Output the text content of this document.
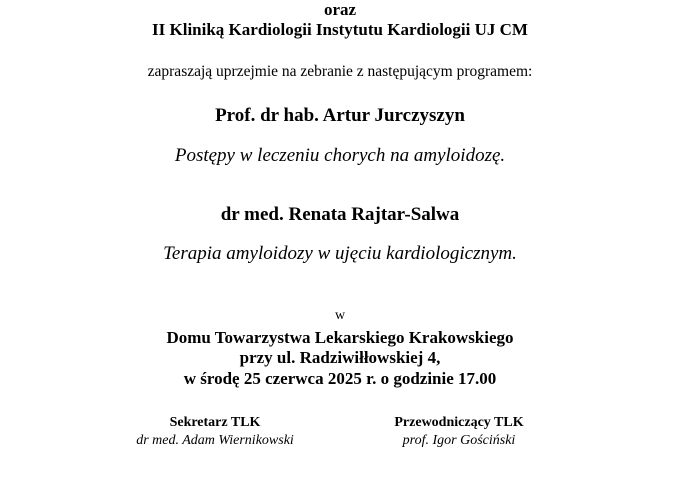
oraz
II Kliniką Kardiologii Instytutu Kardiologii UJ CM
zapraszają uprzejmie na zebranie z następującym programem:
Prof. dr hab. Artur Jurczyszyn
Postępy w leczeniu chorych na amyloidozę.
dr med. Renata Rajtar-Salwa
Terapia amyloidozy w ujęciu kardiologicznym.
w
Domu Towarzystwa Lekarskiego Krakowskiego
przy ul. Radziwiłłowskiej 4,
w środę 25 czerwca 2025 r. o godzinie 17.00
Sekretarz TLK
dr med. Adam Wiernikowski
Przewodniczący TLK
prof. Igor Gościński
